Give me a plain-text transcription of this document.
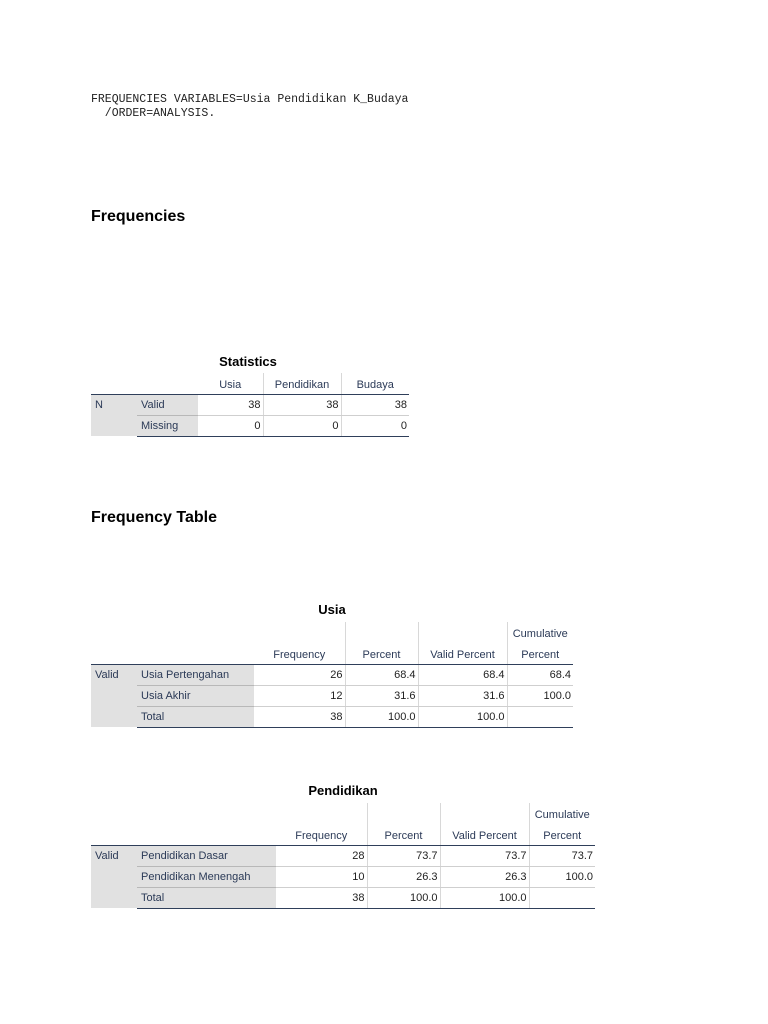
FREQUENCIES VARIABLES=Usia Pendidikan K_Budaya
/ORDER=ANALYSIS.
Frequencies
Statistics
		Usia	Pendidikan	Budaya
N	Valid	38	38	38
	Missing	0	0	0
Frequency Table
Usia
					Cumulative
		Frequency	Percent	Valid Percent	Percent
Valid	Usia Pertengahan	26	68.4	68.4	68.4
	Usia Akhir	12	31.6	31.6	100.0
	Total	38	100.0	100.0	
Pendidikan
					Cumulative
		Frequency	Percent	Valid Percent	Percent
Valid	Pendidikan Dasar	28	73.7	73.7	73.7
	Pendidikan Menengah	10	26.3	26.3	100.0
	Total	38	100.0	100.0	
